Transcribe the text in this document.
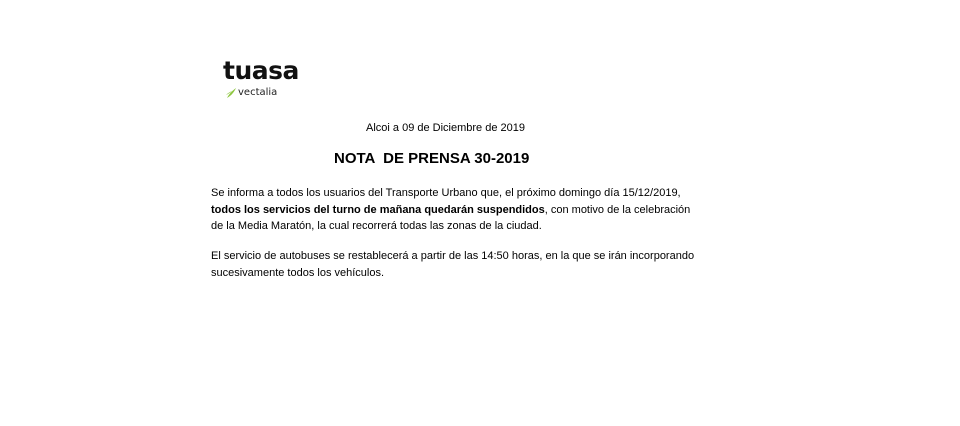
tuasa
vectalia
Alcoi a 09 de Diciembre de 2019
NOTA  DE PRENSA 30-2019

Se informa a todos los usuarios del Transporte Urbano que, el próximo domingo día 15/12/2019,
todos los servicios del turno de mañana quedarán suspendidos, con motivo de la celebración de la Media Maratón, la cual recorrerá todas las zonas de la ciudad.

El servicio de autobuses se restablecerá a partir de las 14:50 horas, en la que se irán incorporando sucesivamente todos los vehículos.
